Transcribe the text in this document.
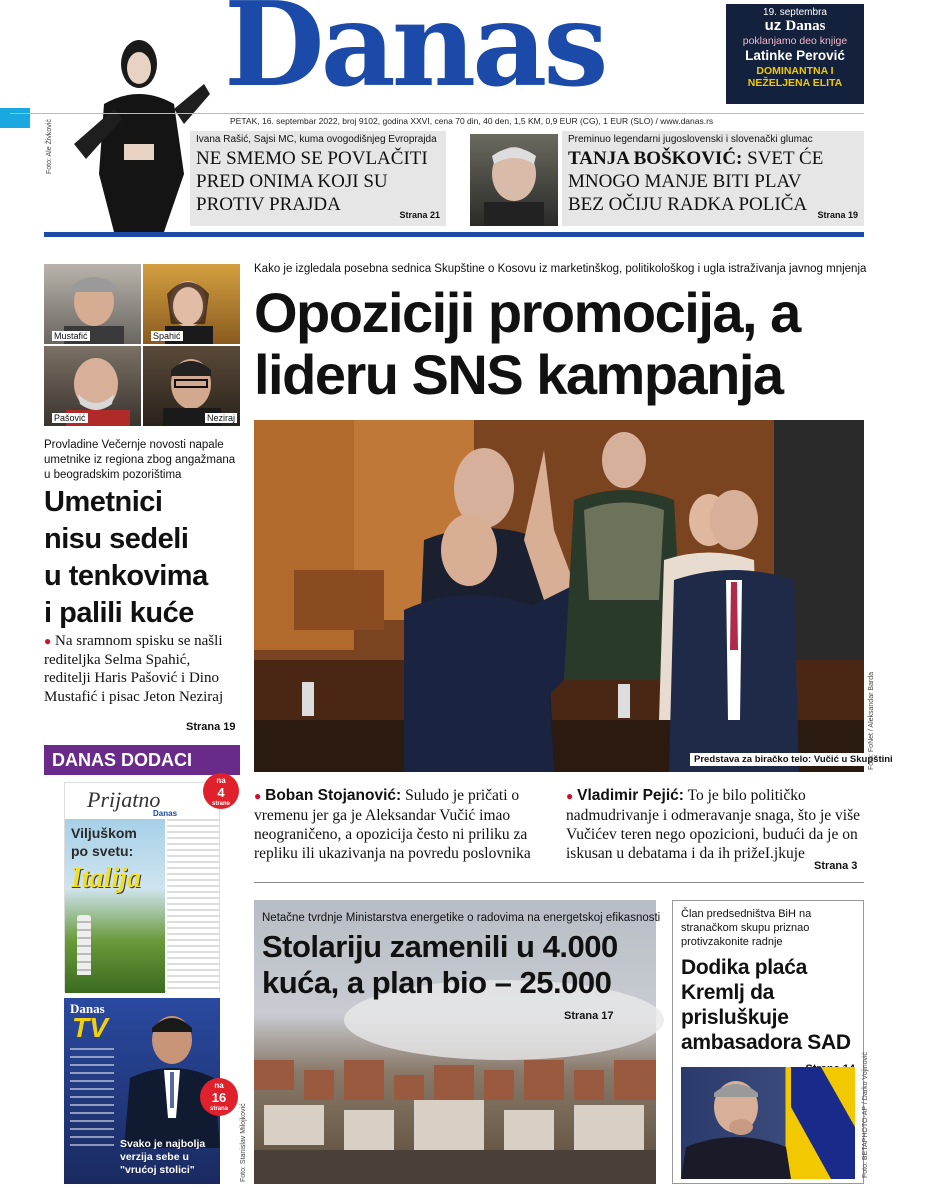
Foto: Ale Živković
Danas	19. septembra
uz Danas
poklanjamo deo knjige
Latinke Perović
DOMINANTNA I
NEŽELJENA ELITA
PETAK, 16. septembar 2022, broj 9102, godina XXVI, cena 70 din, 40 den, 1,5 KM, 0,9 EUR (CG), 1 EUR (SLO) / www.danas.rs
Ivana Rašić, Sajsi MC, kuma ovogodišnjeg Evroprajda
NE SMEMO SE POVLAČITI
PRED ONIMA KOJI SU
PROTIV PRAJDA	Strana 21
Preminuo legendarni jugoslovenski i slovenački glumac
TANJA BOŠKOVIĆ: SVET ĆE
MNOGO MANJE BITI PLAV
BEZ OČIJU RADKA POLIČA	Strana 19
Mustafić	Spahić
Pašović	Neziraj
Provladine Večernje novosti napale umetnike iz regiona zbog angažmana u beogradskim pozorištima
Umetnici
nisu sedeli
u tenkovima
i palili kuće
● Na sramnom spisku se našli rediteljka Selma Spahić, reditelji Haris Pašović i Dino Mustafić i pisac Jeton Neziraj
Strana 19
DANAS DODACI
Prijatno
Danas
Viljuškom
po svetu:
Italija
na
4
strane
Danas
TV
Svako je najbolja
verzija sebe u
"vrućoj stolici"
na
16
strana
Kako je izgledala posebna sednica Skupštine o Kosovu iz marketinškog, politikološkog i ugla istraživanja javnog mnjenja
Opoziciji promocija, a
lideru SNS kampanja
Predstava za biračko telo: Vučić u Skupštini
Foto: FoNet / Aleksandar Barda
● Boban Stojanović: Suludo je pričati o vremenu jer ga je Aleksandar Vučić imao neograničeno, a opozicija često ni priliku za repliku ili ukazivanja na povredu poslovnika
● Vladimir Pejić: To je bilo političko nadmudrivanje i odmeravanje snaga, što je više Vučićev teren nego opozicioni, budući da je on iskusan u debatama i da ih prižeI.jkuje
Strana 3
Netačne tvrdnje Ministarstva energetike o radovima na energetskoj efikasnosti
Stolariju zamenili u 4.000
kuća, a plan bio – 25.000
Strana 17
Foto: Stanislav Milojković
Član predsedništva BiH na stranačkom skupu priznao protivzakonite radnje
Dodika plaća
Kremlj da
prisluškuje
ambasadora SAD
Foto: BETAPHOTO-AP / Darko Vojinović
